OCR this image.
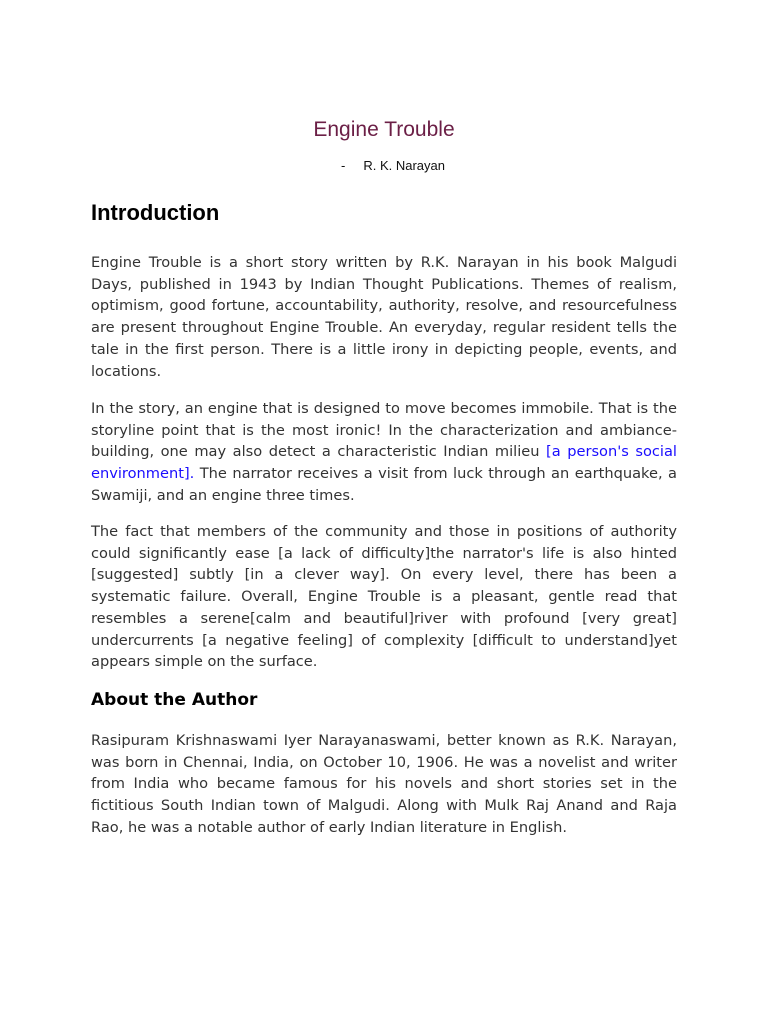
Engine Trouble
- R. K. Narayan
Introduction

Engine Trouble is a short story written by R.K. Narayan in his book Malgudi Days, published in 1943 by Indian Thought Publications. Themes of realism, optimism, good fortune, accountability, authority, resolve, and resourcefulness are present throughout Engine Trouble. An everyday, regular resident tells the tale in the first person. There is a little irony in depicting people, events, and locations.

In the story, an engine that is designed to move becomes immobile. That is the storyline point that is the most ironic! In the characterization and ambiance-building, one may also detect a characteristic Indian milieu [a person's social environment]. The narrator receives a visit from luck through an earthquake, a Swamiji, and an engine three times.

The fact that members of the community and those in positions of authority could significantly ease [a lack of difficulty]the narrator's life is also hinted [suggested] subtly [in a clever way]. On every level, there has been a systematic failure. Overall, Engine Trouble is a pleasant, gentle read that resembles a serene[calm and beautiful]river with profound [very great] undercurrents [a negative feeling] of complexity [difficult to understand]yet appears simple on the surface.

About the Author

Rasipuram Krishnaswami Iyer Narayanaswami, better known as R.K. Narayan, was born in Chennai, India, on October 10, 1906. He was a novelist and writer from India who became famous for his novels and short stories set in the fictitious South Indian town of Malgudi. Along with Mulk Raj Anand and Raja Rao, he was a notable author of early Indian literature in English.
